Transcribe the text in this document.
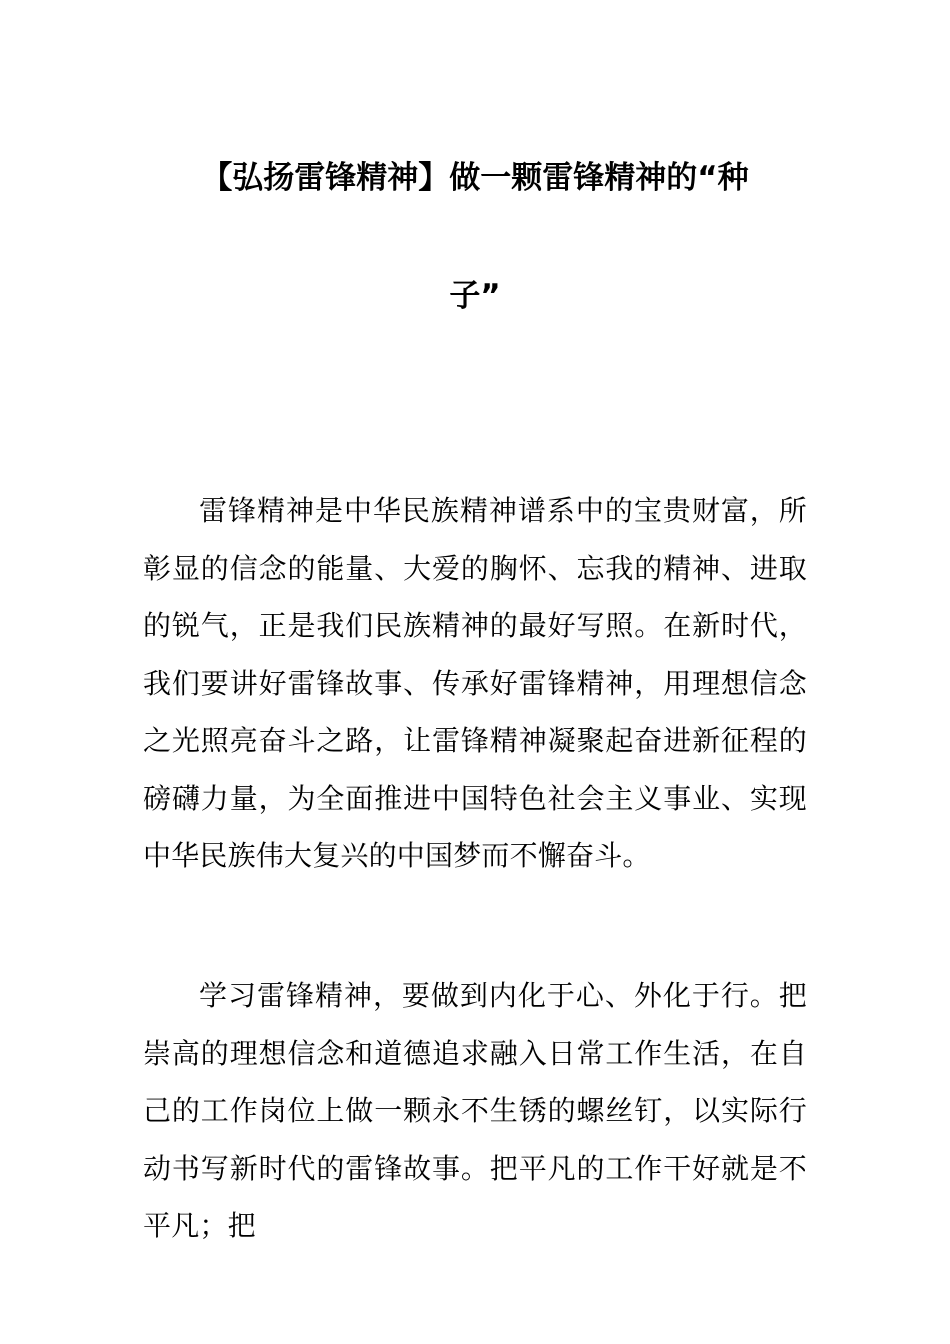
【弘扬雷锋精神】做一颗雷锋精神的“种
子”

雷锋精神是中华民族精神谱系中的宝贵财富，所彰显的信念的能量、大爱的胸怀、忘我的精神、进取的锐气，正是我们民族精神的最好写照。在新时代，我们要讲好雷锋故事、传承好雷锋精神，用理想信念之光照亮奋斗之路，让雷锋精神凝聚起奋进新征程的磅礴力量，为全面推进中国特色社会主义事业、实现中华民族伟大复兴的中国梦而不懈奋斗。

学习雷锋精神，要做到内化于心、外化于行。把崇高的理想信念和道德追求融入日常工作生活，在自己的工作岗位上做一颗永不生锈的螺丝钉，以实际行动书写新时代的雷锋故事。把平凡的工作干好就是不平凡；把
